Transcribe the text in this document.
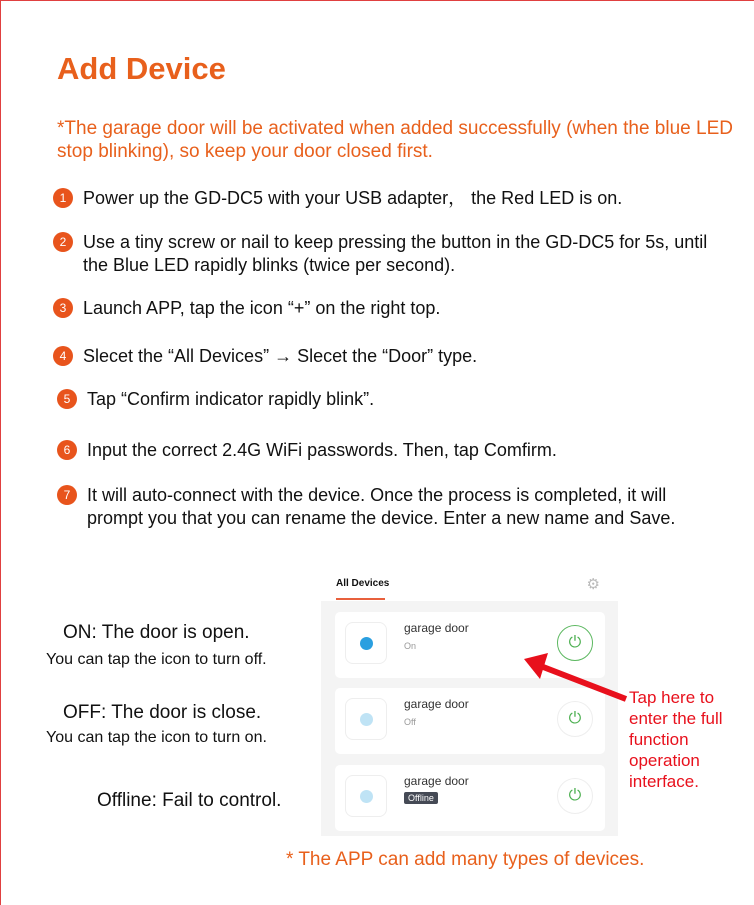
Add Device
*The garage door will be activated when added successfully (when the blue LED stop blinking), so keep your door closed first.
1 Power up the GD-DC5 with your USB adapter， the Red LED is on.
2 Use a tiny screw or nail to keep pressing the button in the GD-DC5 for 5s, until the Blue LED rapidly blinks (twice per second).
3 Launch APP, tap the icon “+” on the right top.
4 Slecet the “All Devices” → Slecet the “Door” type.
5 Tap “Confirm indicator rapidly blink”.
6 Input the correct 2.4G WiFi passwords. Then, tap Comfirm.
7 It will auto-connect with the device. Once the process is completed, it will prompt you that you can rename the device. Enter a new name and Save.
ON: The door is open.
You can tap the icon to turn off.
OFF: The door is close.
You can tap the icon to turn on.
Offline: Fail to control.
All Devices	⚙
garage door
On	⏻
garage door
Off	⏻
garage door
Offline	⏻
Tap here to enter the full function operation interface.
* The APP can add many types of devices.
